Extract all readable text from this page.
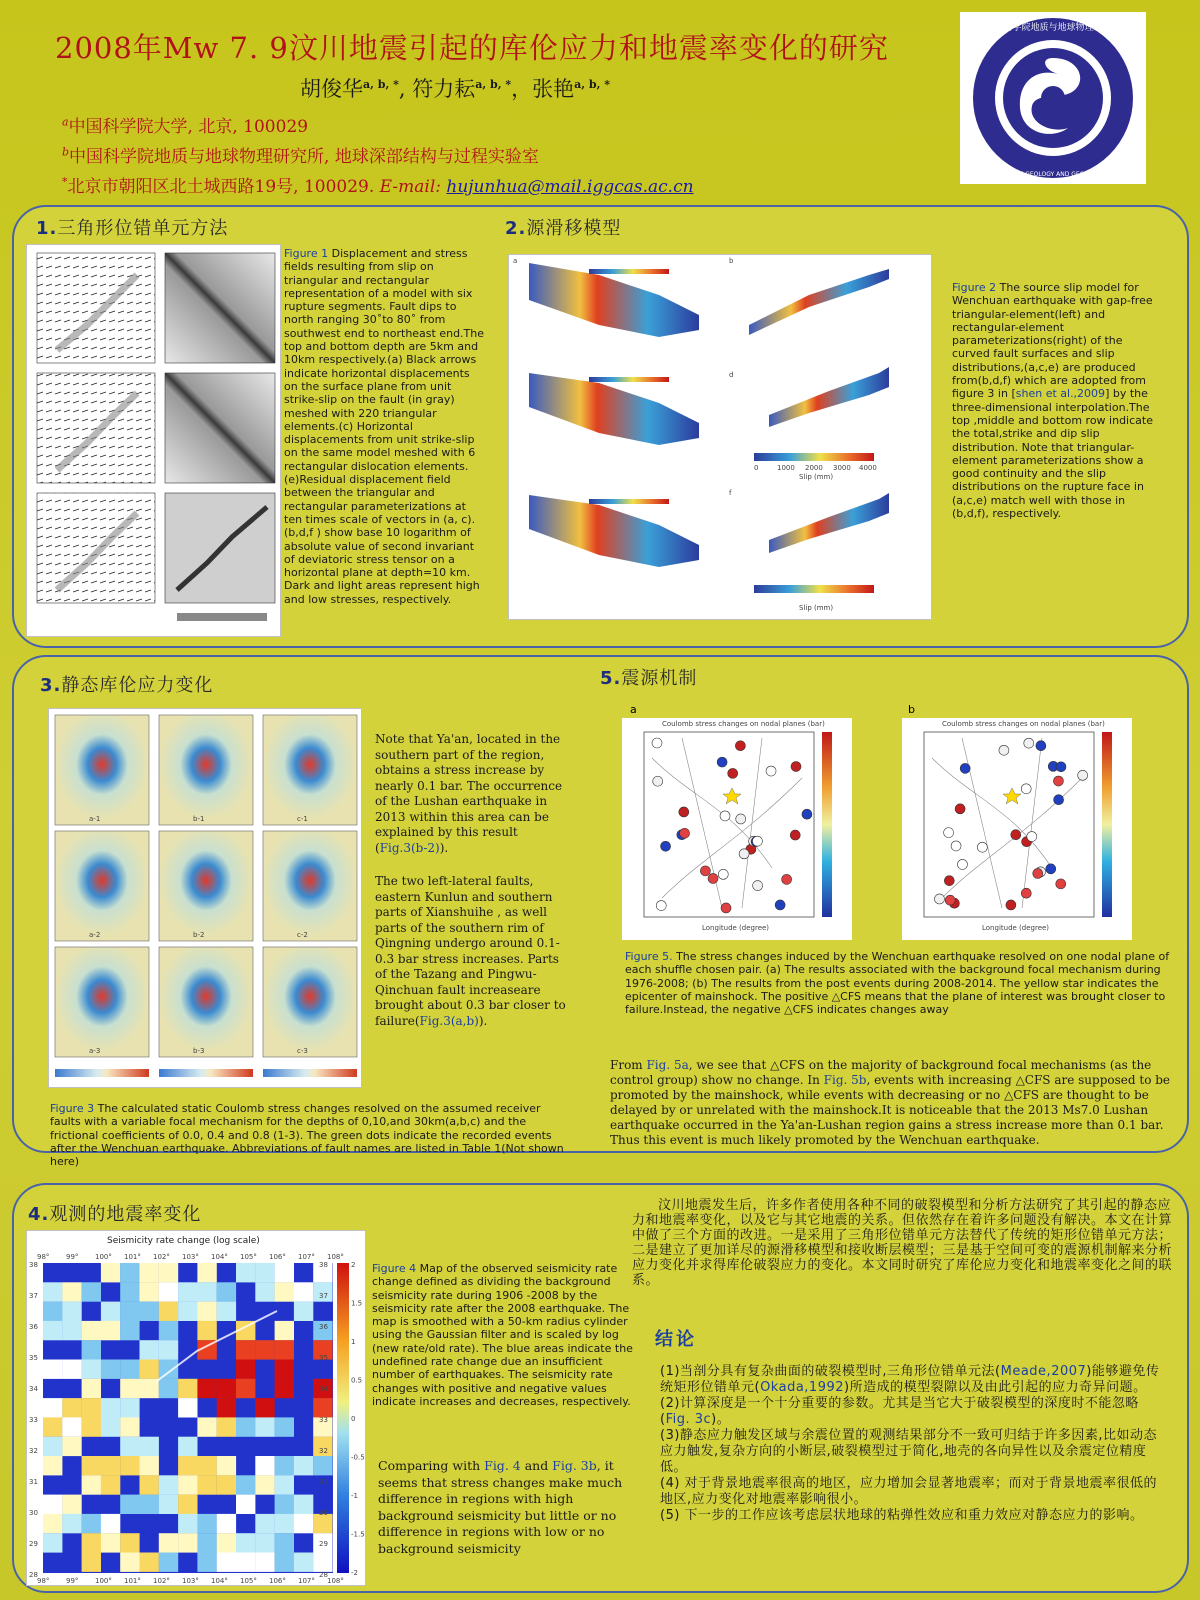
2008年Mw 7. 9汶川地震引起的库伦应力和地震率变化的研究
胡俊华$^{a, b, *}$, 符力耘$^{a, b, *}$，张艳$^{a, b, *}$
$^a$中国科学院大学, 北京, 100029
$^b$中国科学院地质与地球物理研究所, 地球深部结构与过程实验室
*北京市朝阳区北土城西路19号, 100029. E-mail: hujunhua@mail.iggcas.ac.cn
中国科学院地质与地球物理研究所
INSTITUTE OF GEOLOGY AND GEOPHYSICS,CAS
1.三角形位错单元方法
Figure 1 Displacement and stress fields resulting from slip on triangular and rectangular representation of a model with six rupture segments. Fault dips to north ranging 30˚to 80˚ from southwest end to northeast end.The top and bottom depth are 5km and 10km respectively.(a) Black arrows indicate horizontal displacements on the surface plane from unit strike-slip on the fault (in gray) meshed with 220 triangular elements.(c) Horizontal displacements from unit strike-slip on the same model meshed with 6 rectangular dislocation elements.(e)Residual displacement field between the triangular and rectangular parameterizations at ten times scale of vectors in (a, c). (b,d,f ) show base 10 logarithm of absolute value of second invariant of deviatoric stress tensor on a horizontal plane at depth=10 km. Dark and light areas represent high and low stresses, respectively.
2.源滑移模型
a	b
d
f
0	1000 2000 3000 4000
Slip (mm)
Slip (mm)
Figure 2 The source slip model for Wenchuan earthquake with gap-free triangular-element(left) and rectangular-element parameterizations(right) of the curved fault surfaces and slip distributions,(a,c,e) are produced from(b,d,f) which are adopted from figure 3 in [shen et al.,2009] by the three-dimensional interpolation.The top ,middle and bottom row indicate the total,strike and dip slip distribution. Note that triangular-element parameterizations show a good continuity and the slip distributions on the rupture face in (a,c,e) match well with those in (b,d,f), respectively.
3.静态库伦应力变化
a-1	b-1	c-1
a-2	b-2	c-2
a-3	b-3	c-3
Note that Ya'an, located in the southern part of the region, obtains a stress increase by nearly 0.1 bar. The occurrence of the Lushan earthquake in 2013 within this area can be explained by this result (Fig.3(b-2)).
The two left-lateral faults, eastern Kunlun and southern parts of Xianshuihe , as well parts of the southern rim of Qingning undergo around 0.1-0.3 bar stress increases. Parts of the Tazang and Pingwu-Qinchuan fault increaseare brought about 0.3 bar closer to failure(Fig.3(a,b)).
Figure 3 The calculated static Coulomb stress changes resolved on the assumed receiver faults with a variable focal mechanism for the depths of 0,10,and 30km(a,b,c) and the frictional coefficients of 0.0, 0.4 and 0.8 (1-3). The green dots indicate the recorded events after the Wenchuan earthquake. Abbreviations of fault names are listed in Table 1(Not shown here)
5.震源机制
a	b
Coulomb stress changes on nodal planes (bar)
Longitude (degree)
Coulomb stress changes on nodal planes (bar)
Longitude (degree)
Figure 5. The stress changes induced by the Wenchuan earthquake resolved on one nodal plane of each shuffle chosen pair. (a) The results associated with the background focal mechanism during 1976-2008; (b) The results from the post events during 2008-2014. The yellow star indicates the epicenter of mainshock. The positive △CFS means that the plane of interest was brought closer to failure.Instead, the negative △CFS indicates changes away
From Fig. 5a, we see that △CFS on the majority of background focal mechanisms (as the control group) show no change. In Fig. 5b, events with increasing △CFS are supposed to be promoted by the mainshock, while events with decreasing or no △CFS are thought to be delayed by or unrelated with the mainshock.It is noticeable that the 2013 Ms7.0 Lushan earthquake occurred in the Ya'an-Lushan region gains a stress increase more than 0.1 bar. Thus this event is much likely promoted by the Wenchuan earthquake.
4.观测的地震率变化
Seismicity rate change (log scale)
98°
98°
99°
99°
100°
100°
101°
101°
102°
102°
103°
103°
104°
104°
105°
105°
106°
106°
107°
107°
108°
108°
38	38
37	37
36	36
35	35
34	34
33	33
32	32
31	31
30	30
29	29
28	28
2
1.5
1
0.5
0
-0.5
-1
-1.5
-2
Figure 4 Map of the observed seismicity rate change defined as dividing the background seismicity rate during 1906 -2008 by the seismicity rate after the 2008 earthquake. The map is smoothed with a 50-km radius cylinder using the Gaussian filter and is scaled by log (new rate/old rate). The blue areas indicate the undefined rate change due an insufficient number of earthquakes. The seismicity rate changes with positive and negative values indicate increases and decreases, respectively.
Comparing with Fig. 4 and Fig. 3b, it seems that stress changes make much difference in regions with high background seismicity but little or no difference in regions with low or no background seismicity
汶川地震发生后，许多作者使用各种不同的破裂模型和分析方法研究了其引起的静态应力和地震率变化，以及它与其它地震的关系。但依然存在着许多问题没有解决。本文在计算中做了三个方面的改进。一是采用了三角形位错单元方法替代了传统的矩形位错单元方法；二是建立了更加详尽的源滑移模型和接收断层模型；三是基于空间可变的震源机制解来分析应力变化并求得库伦破裂应力的变化。本文同时研究了库伦应力变化和地震率变化之间的联系。
结论
(1)当剖分具有复杂曲面的破裂模型时,三角形位错单元法(Meade,2007)能够避免传统矩形位错单元(Okada,1992)所造成的模型裂隙以及由此引起的应力奇异问题。
(2)计算深度是一个十分重要的参数。尤其是当它大于破裂模型的深度时不能忽略(Fig. 3c)。
(3)静态应力触发区域与余震位置的观测结果部分不一致可归结于许多因素,比如动态应力触发,复杂方向的小断层,破裂模型过于简化,地壳的各向异性以及余震定位精度低。
(4) 对于背景地震率很高的地区，应力增加会显著地震率；而对于背景地震率很低的地区,应力变化对地震率影响很小。
(5) 下一步的工作应该考虑层状地球的粘弹性效应和重力效应对静态应力的影响。
